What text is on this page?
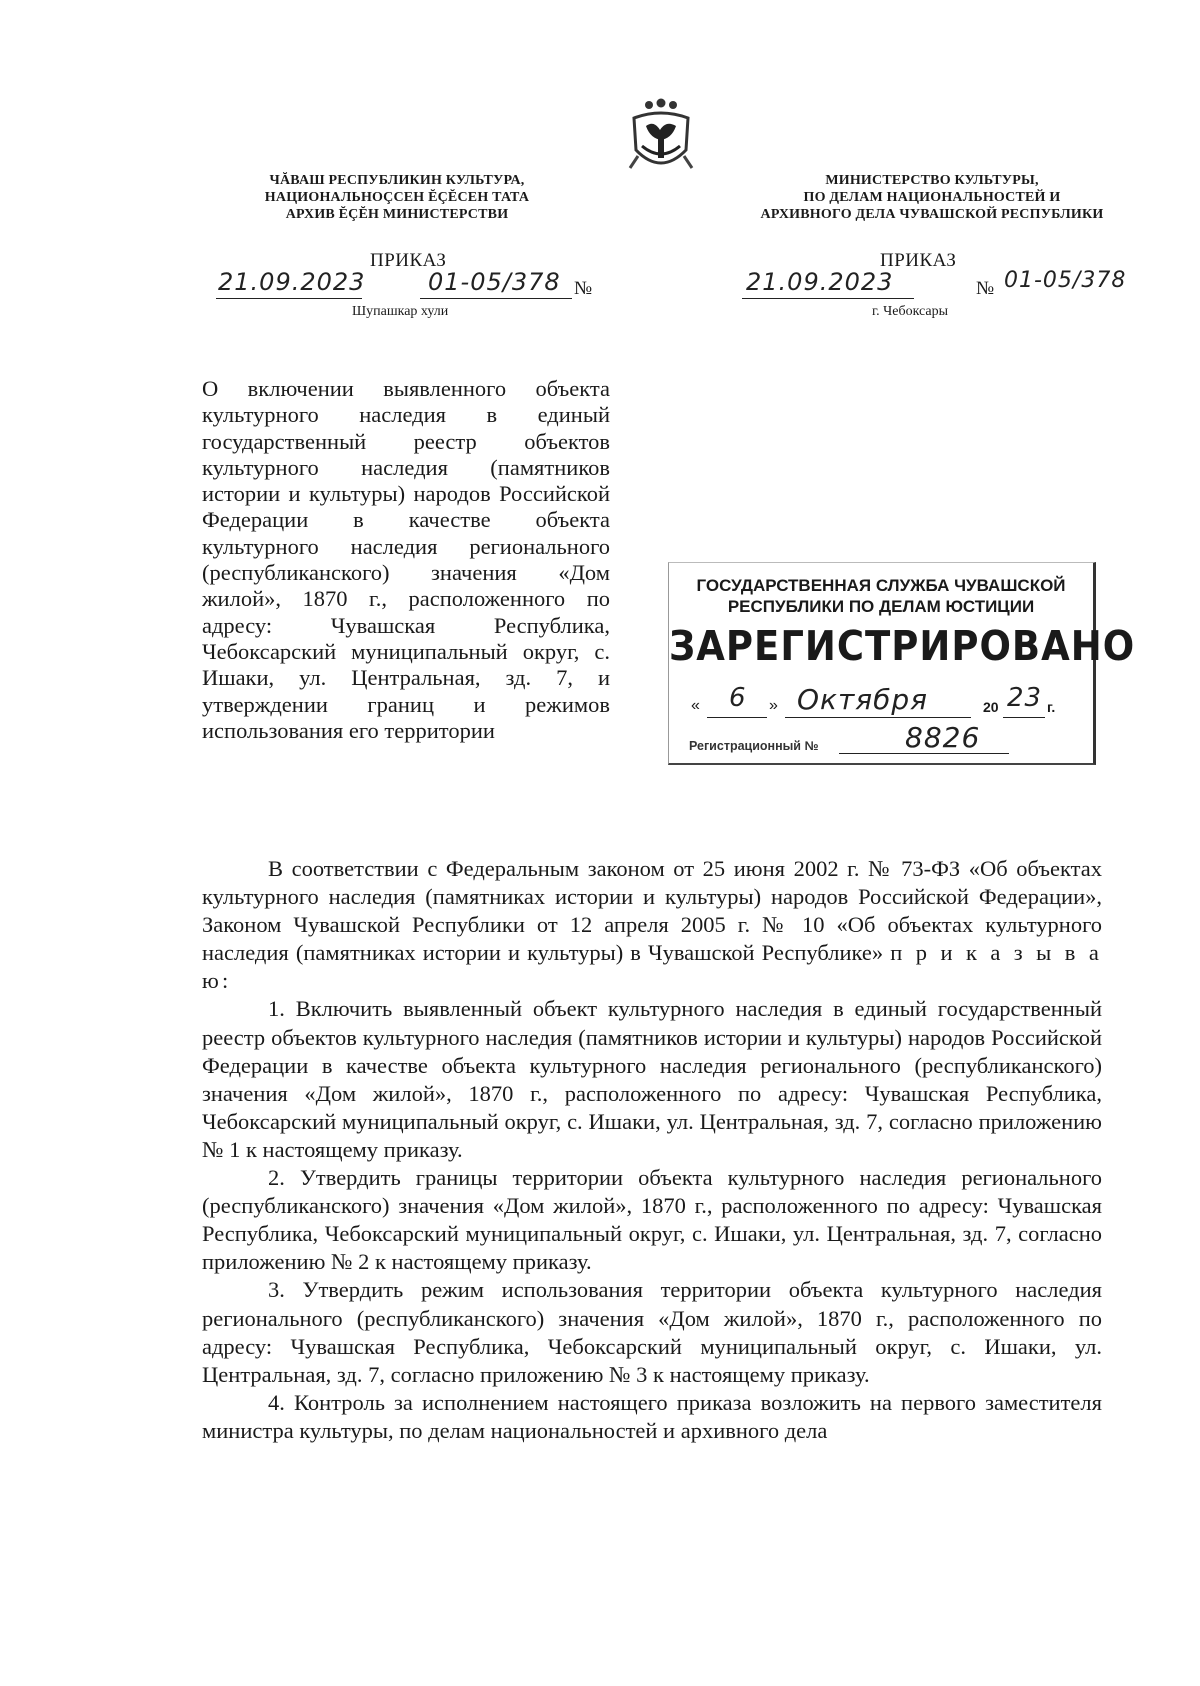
ЧĂВАШ РЕСПУБЛИКИН КУЛЬТУРА,
НАЦИОНАЛЬНОÇСЕН ĔÇĔСЕН ТАТА
АРХИВ ĔÇĔН МИНИСТЕРСТВИ
МИНИСТЕРСТВО КУЛЬТУРЫ,
ПО ДЕЛАМ НАЦИОНАЛЬНОСТЕЙ И
АРХИВНОГО ДЕЛА ЧУВАШСКОЙ РЕСПУБЛИКИ
ПРИКАЗ
21.09.2023	01-05/378 №
Шупашкар хули
ПРИКАЗ
21.09.2023	№ 01-05/378
г. Чебоксары
О включении выявленного объекта культурного наследия в единый государственный реестр объектов культурного наследия (памятников истории и культуры) народов Российской Федерации в качестве объекта культурного наследия регионального (республиканского) значения «Дом жилой», 1870 г., расположенного по адресу: Чувашская Республика, Чебоксарский муниципальный округ, с. Ишаки, ул. Центральная, зд. 7, и утверждении границ и режимов использования его территории
ГОСУДАРСТВЕННАЯ СЛУЖБА ЧУВАШСКОЙ
РЕСПУБЛИКИ ПО ДЕЛАМ ЮСТИЦИИ
ЗАРЕГИСТРИРОВАНО
« 6 » Октября	20 23 г.
Регистрационный №	8826

В соответствии с Федеральным законом от 25 июня 2002 г. № 73-ФЗ «Об объектах культурного наследия (памятниках истории и культуры) народов Российской Федерации», Законом Чувашской Республики от 12 апреля 2005 г. № 10 «Об объектах культурного наследия (памятниках истории и культуры) в Чувашской Республике» п р и к а з ы в а ю:

1. Включить выявленный объект культурного наследия в единый государственный реестр объектов культурного наследия (памятников истории и культуры) народов Российской Федерации в качестве объекта культурного наследия регионального (республиканского) значения «Дом жилой», 1870 г., расположенного по адресу: Чувашская Республика, Чебоксарский муниципальный округ, с. Ишаки, ул. Центральная, зд. 7, согласно приложению № 1 к настоящему приказу.

2. Утвердить границы территории объекта культурного наследия регионального (республиканского) значения «Дом жилой», 1870 г., расположенного по адресу: Чувашская Республика, Чебоксарский муниципальный округ, с. Ишаки, ул. Центральная, зд. 7, согласно приложению № 2 к настоящему приказу.

3. Утвердить режим использования территории объекта культурного наследия регионального (республиканского) значения «Дом жилой», 1870 г., расположенного по адресу: Чувашская Республика, Чебоксарский муниципальный округ, с. Ишаки, ул. Центральная, зд. 7, согласно приложению № 3 к настоящему приказу.

4. Контроль за исполнением настоящего приказа возложить на первого заместителя министра культуры, по делам национальностей и архивного дела
